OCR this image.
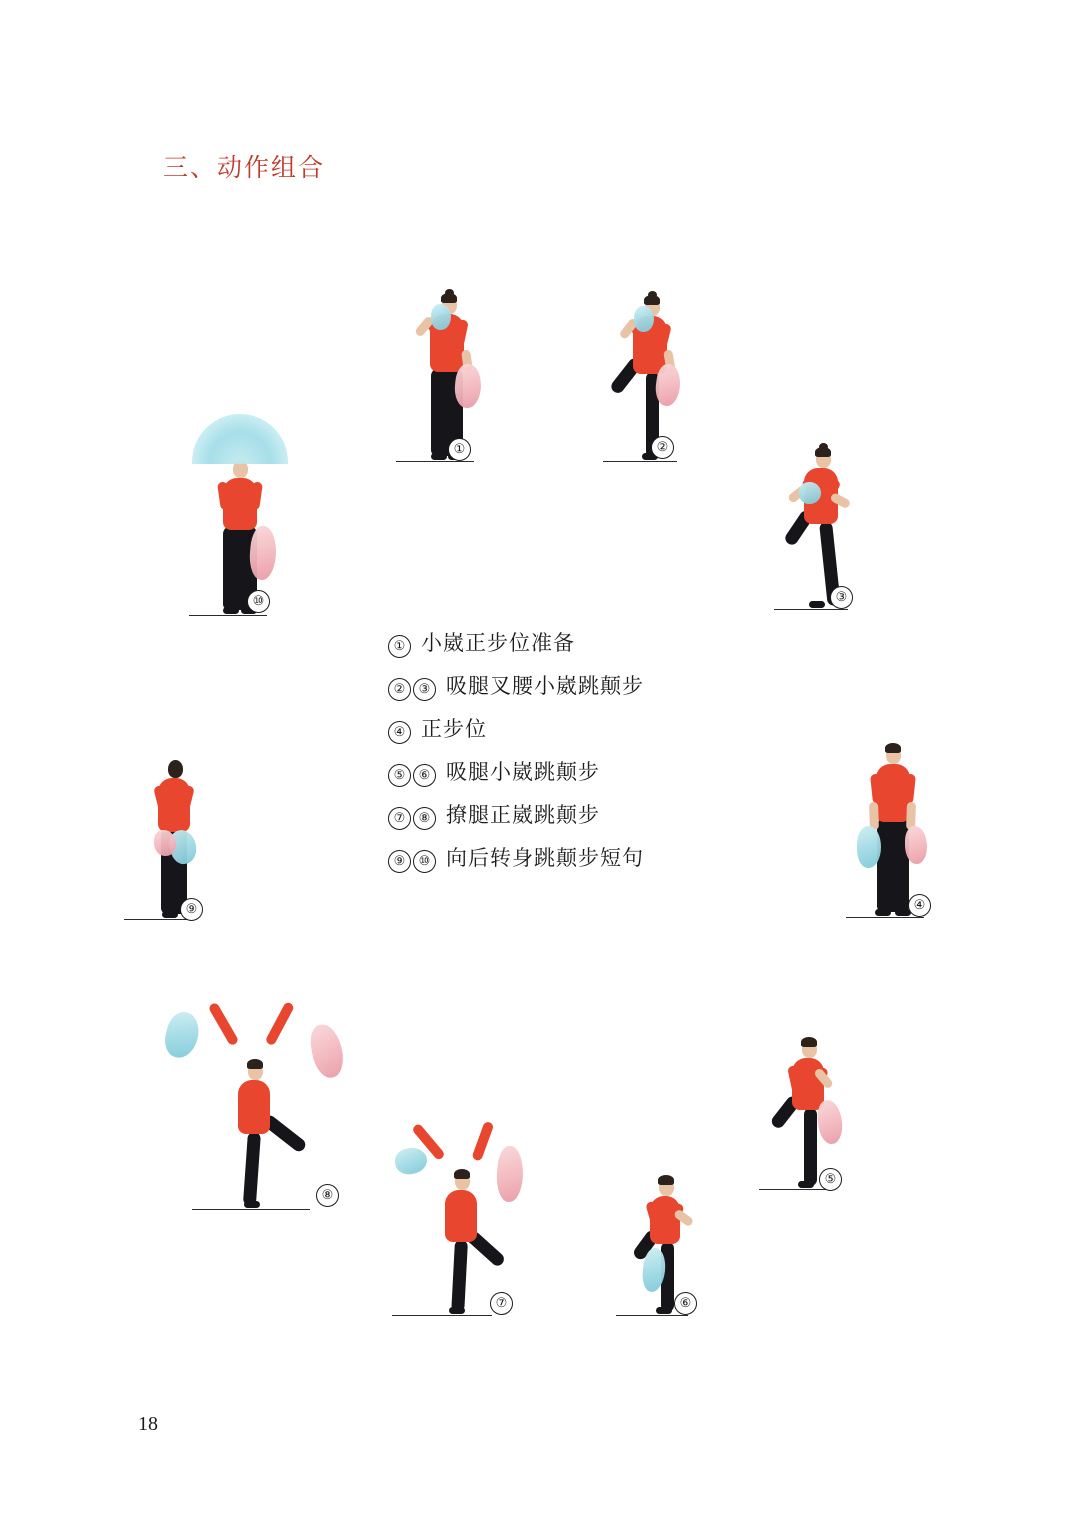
三、动作组合
①	②
③
⑩
⑨	④
⑧
⑦	⑥
⑤
① 小崴正步位准备
②	③ 吸腿叉腰小崴跳颠步
④ 正步位
⑤	⑥ 吸腿小崴跳颠步
⑦	⑧ 撩腿正崴跳颠步
⑨	⑩ 向后转身跳颠步短句
18
